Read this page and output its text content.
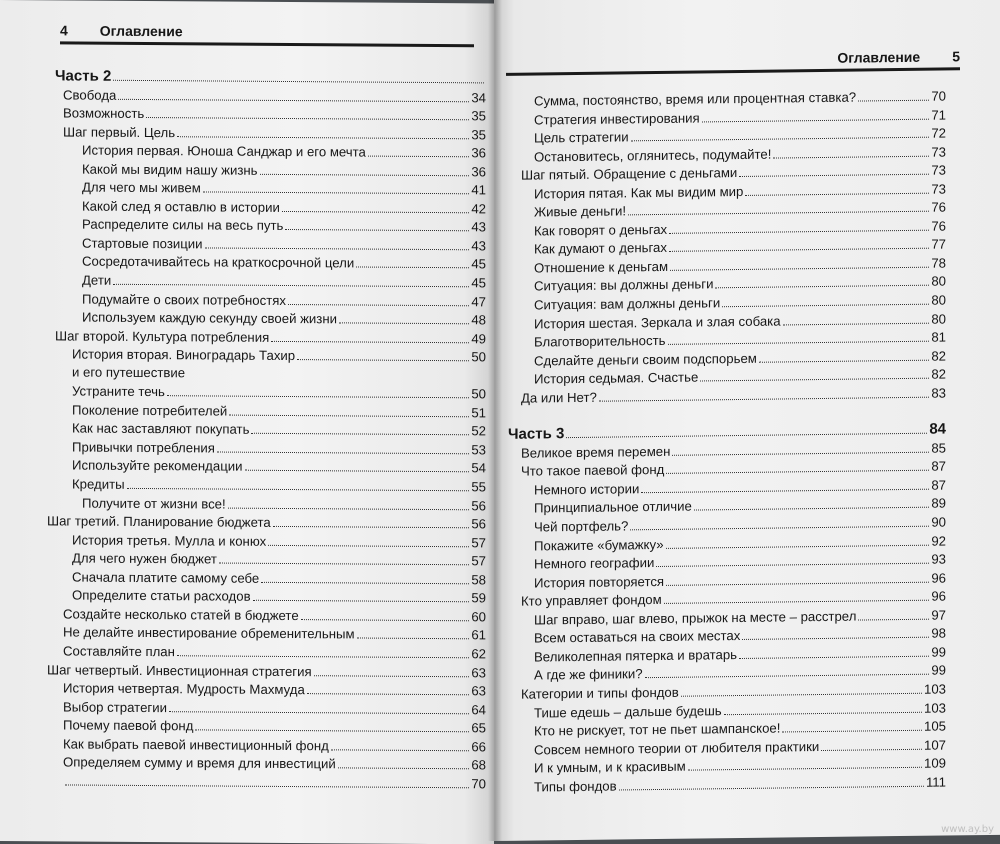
4 Оглавление
Часть 2
Свобода	34
Возможность	35
Шаг первый. Цель	35
История первая. Юноша Санджар и его мечта	36
Какой мы видим нашу жизнь	36
Для чего мы живем	41
Какой след я оставлю в истории	42
Распределите силы на весь путь	43
Стартовые позиции	43
Сосредотачивайтесь на краткосрочной цели	45
Дети	45
Подумайте о своих потребностях	47
Используем каждую секунду своей жизни	48
Шаг второй. Культура потребления	49
История вторая. Виноградарь Тахир	50
и его путешествие
Устраните течь	50
Поколение потребителей	51
Как нас заставляют покупать	52
Привычки потребления	53
Используйте рекомендации	54
Кредиты	55
Получите от жизни все!	56
Шаг третий. Планирование бюджета	56
История третья. Мулла и конюх	57
Для чего нужен бюджет	57
Сначала платите самому себе	58
Определите статьи расходов	59
Создайте несколько статей в бюджете	60
Не делайте инвестирование обременительным	61
Составляйте план	62
Шаг четвертый. Инвестиционная стратегия	63
История четвертая. Мудрость Махмуда	63
Выбор стратегии	64
Почему паевой фонд	65
Как выбрать паевой инвестиционный фонд	66
Определяем сумму и время для инвестиций	68
70
Оглавление 5
Сумма, постоянство, время или процентная ставка?	70
Стратегия инвестирования	71
Цель стратегии	72
Остановитесь, оглянитесь, подумайте!	73
Шаг пятый. Обращение с деньгами	73
История пятая. Как мы видим мир	73
Живые деньги!	76
Как говорят о деньгах	76
Как думают о деньгах	77
Отношение к деньгам	78
Ситуация: вы должны деньги	80
Ситуация: вам должны деньги	80
История шестая. Зеркала и злая собака	80
Благотворительность	81
Сделайте деньги своим подспорьем	82
История седьмая. Счастье	82
Да или Нет?	83
Часть 3	84
Великое время перемен	85
Что такое паевой фонд	87
Немного истории	87
Принципиальное отличие	89
Чей портфель?	90
Покажите «бумажку»	92
Немного географии	93
История повторяется	96
Кто управляет фондом	96
Шаг вправо, шаг влево, прыжок на месте – расстрел	97
Всем оставаться на своих местах	98
Великолепная пятерка и вратарь	99
А где же финики?	99
Категории и типы фондов	103
Тише едешь – дальше будешь	103
Кто не рискует, тот не пьет шампанское!	105
Совсем немного теории от любителя практики	107
И к умным, и к красивым	109
Типы фондов	111
www.ay.by
